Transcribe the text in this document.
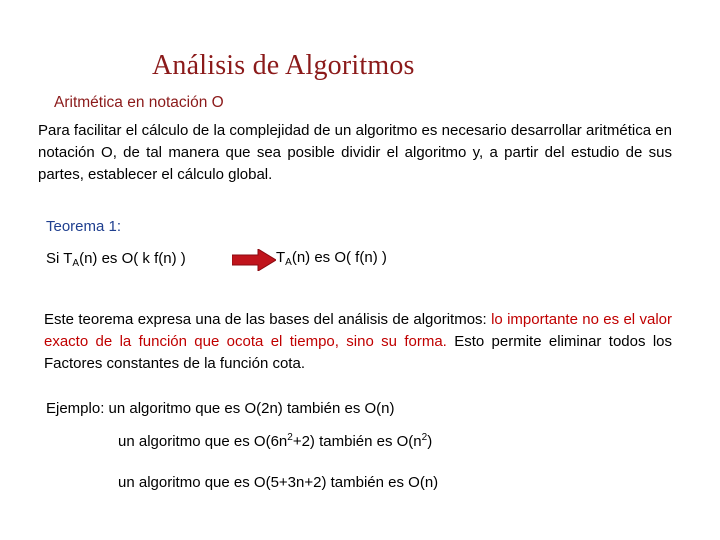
Análisis de Algoritmos
Aritmética en notación O
Para facilitar el cálculo de la complejidad de un algoritmo es necesario desarrollar aritmética en notación O, de tal manera que sea posible dividir el algoritmo y, a partir del estudio de sus partes, establecer el cálculo global.
Teorema 1:
Si $T_A(n)$ es O( k f(n) )	$T_A(n)$ es O( f(n) )
Este teorema expresa una de las bases del análisis de algoritmos: lo importante no es el valor exacto de la función que ocota el tiempo, sino su forma. Esto permite eliminar todos los Factores constantes de la función cota.
Ejemplo: un algoritmo que es O(2n) también es O(n)
un algoritmo que es $O(6n^2+2)$ también es $O(n^2)$
un algoritmo que es O(5+3n+2) también es O(n)
